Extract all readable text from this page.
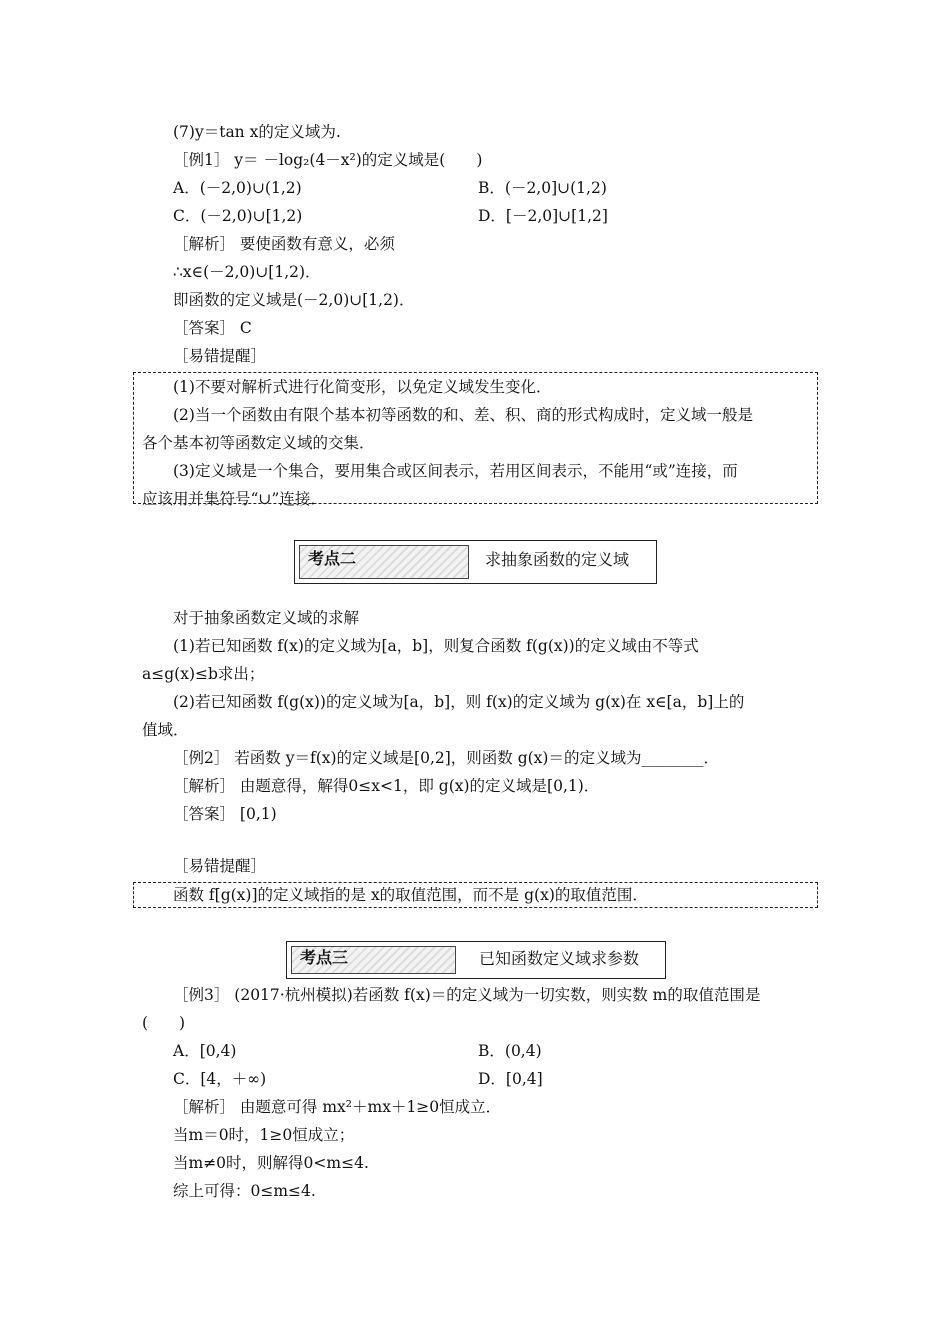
(7)y＝tan x的定义域为.
［例1］ y＝ －log₂(4－x²)的定义域是(　　)
A．(－2,0)∪(1,2)	B．(－2,0]∪(1,2)
C．(－2,0)∪[1,2)	D．[－2,0]∪[1,2]
［解析］ 要使函数有意义，必须
∴x∈(－2,0)∪[1,2)．
即函数的定义域是(－2,0)∪[1,2)．
［答案］ C
［易错提醒］
(1)不要对解析式进行化简变形，以免定义域发生变化．
(2)当一个函数由有限个基本初等函数的和、差、积、商的形式构成时，定义域一般是
各个基本初等函数定义域的交集．
(3)定义域是一个集合，要用集合或区间表示，若用区间表示，不能用“或”连接，而
应该用并集符号“∪”连接．
考点二	求抽象函数的定义域
对于抽象函数定义域的求解
(1)若已知函数 f(x)的定义域为[a，b]，则复合函数 f(g(x))的定义域由不等式
a≤g(x)≤b求出；
(2)若已知函数 f(g(x))的定义域为[a，b]，则 f(x)的定义域为 g(x)在 x∈[a，b]上的
值域．
［例2］ 若函数 y＝f(x)的定义域是[0,2]，则函数 g(x)＝的定义域为________．
［解析］ 由题意得，解得0≤x<1，即 g(x)的定义域是[0,1)．
［答案］ [0,1)
［易错提醒］
函数 f[g(x)]的定义域指的是 x的取值范围，而不是 g(x)的取值范围．
考点三	已知函数定义域求参数
［例3］ (2017·杭州模拟)若函数 f(x)＝的定义域为一切实数，则实数 m的取值范围是
(　　)
A．[0,4)	B．(0,4)
C．[4，＋∞)	D．[0,4]
［解析］ 由题意可得 mx²＋mx＋1≥0恒成立．
当m＝0时，1≥0恒成立；
当m≠0时，则解得0<m≤4.
综上可得：0≤m≤4.
